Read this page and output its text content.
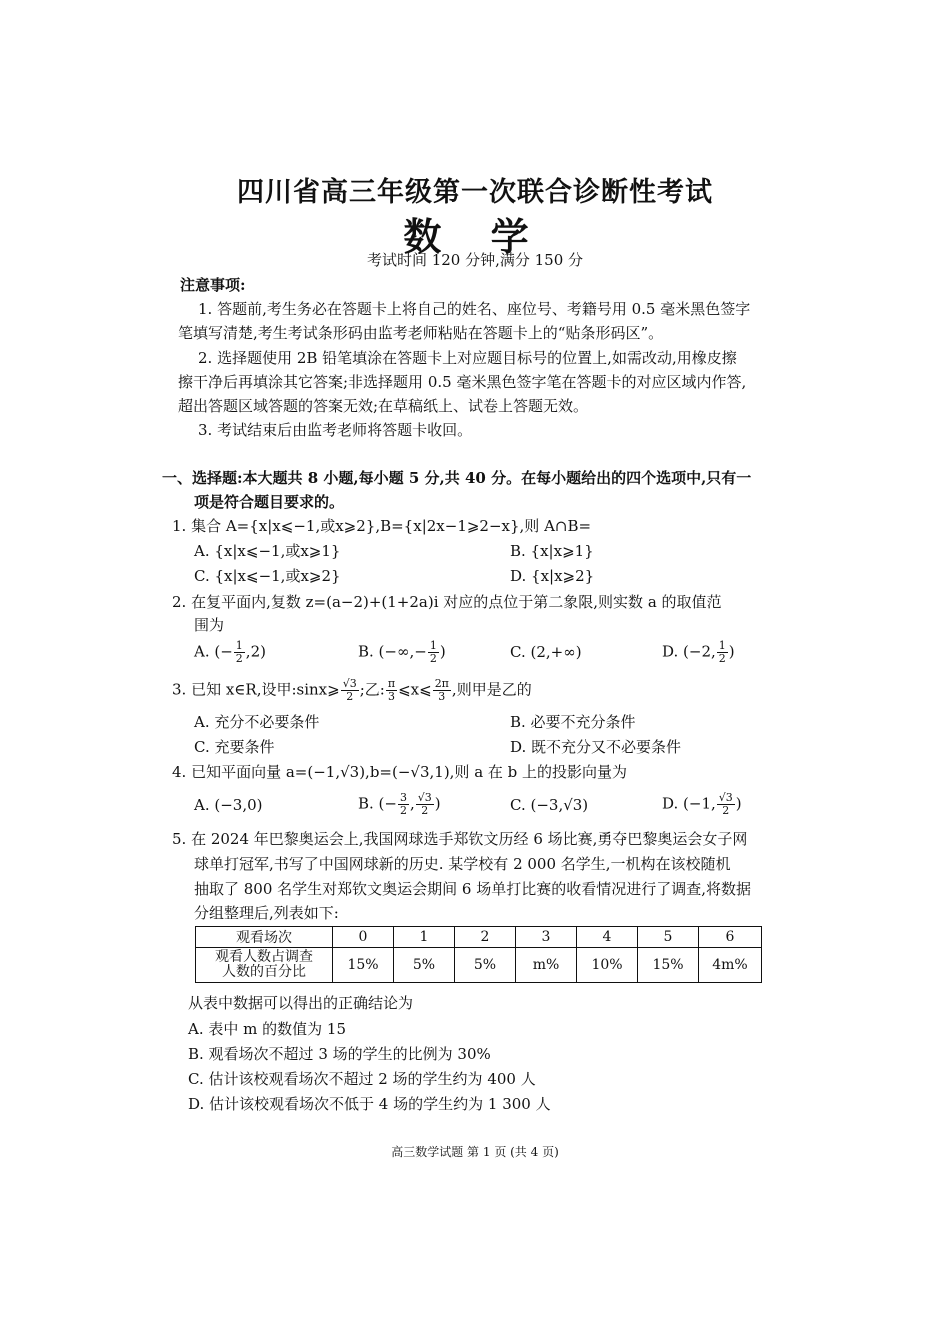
四川省高三年级第一次联合诊断性考试
数 学
考试时间 120 分钟,满分 150 分
注意事项:
1. 答题前,考生务必在答题卡上将自己的姓名、座位号、考籍号用 0.5 毫米黑色签字
笔填写清楚,考生考试条形码由监考老师粘贴在答题卡上的“贴条形码区”。
2. 选择题使用 2B 铅笔填涂在答题卡上对应题目标号的位置上,如需改动,用橡皮擦
擦干净后再填涂其它答案;非选择题用 0.5 毫米黑色签字笔在答题卡的对应区域内作答,
超出答题区域答题的答案无效;在草稿纸上、试卷上答题无效。
3. 考试结束后由监考老师将答题卡收回。
一、选择题:本大题共 8 小题,每小题 5 分,共 40 分。在每小题给出的四个选项中,只有一
项是符合题目要求的。
1. 集合 A={x|x⩽−1,或x⩾2},B={x|2x−1⩾2−x},则 A∩B=
A. {x|x⩽−1,或x⩾1}	B. {x|x⩾1}
C. {x|x⩽−1,或x⩾2}	D. {x|x⩾2}
2. 在复平面内,复数 z=(a−2)+(1+2a)i 对应的点位于第二象限,则实数 a 的取值范
围为
A. (− $\frac{1}{2} ,2$)	B. (−∞,− $\frac{1}{2}$ )	C. (2,+∞)	D. (−2, $\frac{1}{2}$ )
3. 已知 x∈R,设甲:sinx⩾ $\frac{√3}{2}$ ;乙: $\frac{\pi}{3}$ ⩽x⩽ $\frac{2\pi}{3}$ ,则甲是乙的
A. 充分不必要条件	B. 必要不充分条件
C. 充要条件	D. 既不充分又不必要条件
4. 已知平面向量 a=(−1,√3),b=(−√3,1),则 a 在 b 上的投影向量为
A. (−3,0)	B. (− $\frac{3}{2}$ , $\frac{√3}{2}$ )	C. (−3,√3)	D. (−1, $\frac{√3}{2}$ )
5. 在 2024 年巴黎奥运会上,我国网球选手郑钦文历经 6 场比赛,勇夺巴黎奥运会女子网
球单打冠军,书写了中国网球新的历史. 某学校有 2 000 名学生,一机构在该校随机
抽取了 800 名学生对郑钦文奥运会期间 6 场单打比赛的收看情况进行了调查,将数据
分组整理后,列表如下:
观看场次	0	1	2	3	4	5	6

观看人数占调查
人数的百分比	15%	5%	5%	m%	10%	15%	4m%
从表中数据可以得出的正确结论为
A. 表中 m 的数值为 15
B. 观看场次不超过 3 场的学生的比例为 30%
C. 估计该校观看场次不超过 2 场的学生约为 400 人
D. 估计该校观看场次不低于 4 场的学生约为 1 300 人
高三数学试题 第 1 页 (共 4 页)
